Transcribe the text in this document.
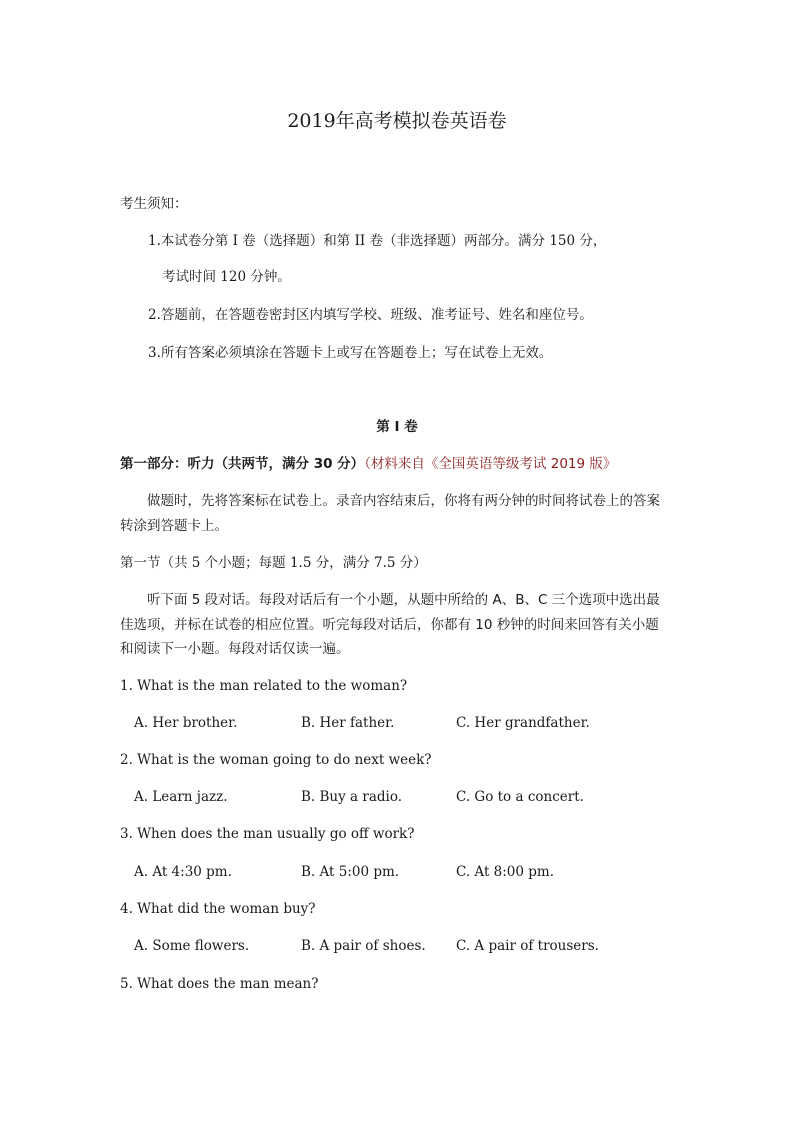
2019年高考模拟卷英语卷
考生须知：
1.本试卷分第 I 卷（选择题）和第 II 卷（非选择题）两部分。满分 150 分，
考试时间 120 分钟。
2.答题前，在答题卷密封区内填写学校、班级、准考证号、姓名和座位号。
3.所有答案必须填涂在答题卡上或写在答题卷上；写在试卷上无效。
第 I 卷
第一部分：听力（共两节，满分 30 分）（材料来自《全国英语等级考试 2019 版》
做题时，先将答案标在试卷上。录音内容结束后，你将有两分钟的时间将试卷上的答案
转涂到答题卡上。
第一节（共 5 个小题；每题 1.5 分，满分 7.5 分）
听下面 5 段对话。每段对话后有一个小题，从题中所给的 A、B、C 三个选项中选出最
佳选项，并标在试卷的相应位置。听完每段对话后，你都有 10 秒钟的时间来回答有关小题
和阅读下一小题。每段对话仅读一遍。
1. What is the man related to the woman?
A. Her brother.	B. Her father.	C. Her grandfather.
2. What is the woman going to do next week?
A. Learn jazz.	B. Buy a radio.	C. Go to a concert.
3. When does the man usually go off work?
A. At 4:30 pm.	B. At 5:00 pm.	C. At 8:00 pm.
4. What did the woman buy?
A. Some flowers.	B. A pair of shoes. C. A pair of trousers.
5. What does the man mean?
